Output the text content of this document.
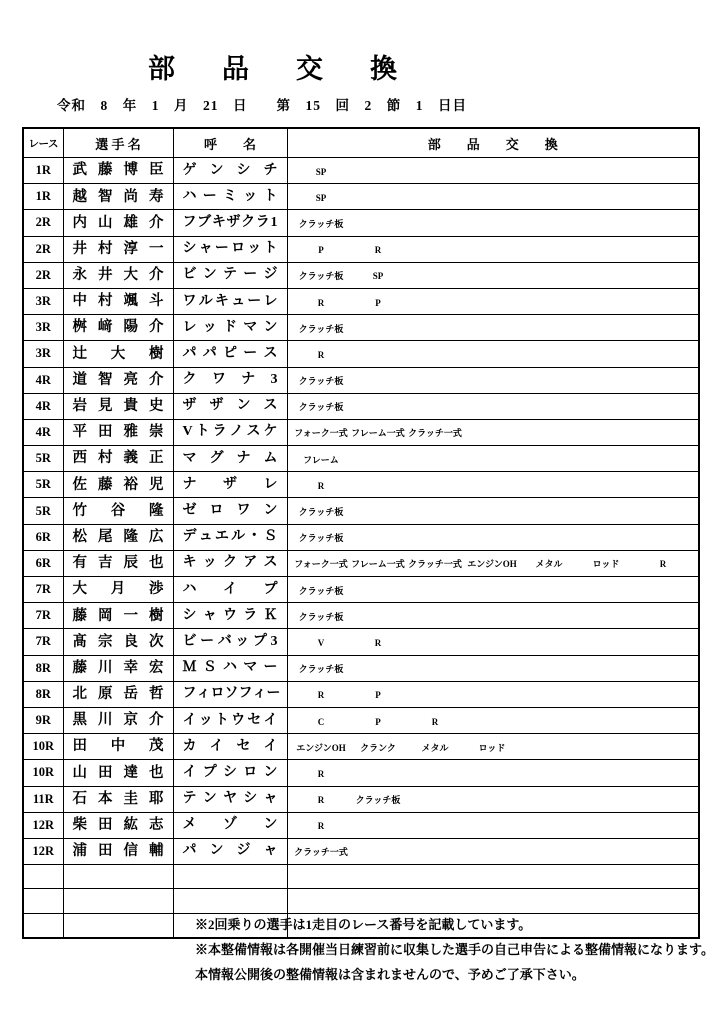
部　品　交　換
令和　8　年　1　月　21　日　　第　15　回　2　節　1　日目
レース	選 手 名	呼　　名	部　　品　　交　　換
1R	武 藤 博 臣	ゲ ン シ チ	SP
1R	越 智 尚 寿	ハ ー ミ ッ ト	SP
2R	内 山 雄 介	フ ブ キ ザ ク ラ 1	クラッチ板
2R	井 村 淳 一	シ ャ ー ロ ッ ト	P	R
2R	永 井 大 介	ビ ン テ ー ジ	クラッチ板 SP
3R	中 村 颯 斗	ワ ル キ ュ ー レ	R	P
3R	桝 﨑 陽 介	レ ッ ド マ ン	クラッチ板
3R	辻 大 樹	パ パ ピ ー ス	R
4R	道 智 亮 介	ク ワ ナ 3	クラッチ板
4R	岩 見 貴 史	ザ ザ ン ス	クラッチ板
4R	平 田 雅 崇	V ト ラ ノ ス ケ	フォーク一式 フレーム一式 クラッチ一式
5R	西 村 義 正	マ グ ナ ム	フレーム
5R	佐 藤 裕 児	ナ ザ レ	R
5R	竹 谷 隆	ゼ ロ ワ ン	クラッチ板
6R	松 尾 隆 広	デ ュ エ ル ・ Ｓ	クラッチ板
6R	有 吉 辰 也	キ ッ ク ア ス	フォーク一式 フレーム一式 クラッチ一式 エンジンOH メタル ロッド R
7R	大 月 渉	ハ イ プ	クラッチ板
7R	藤 岡 一 樹	シ ャ ウ ラ Ｋ	クラッチ板
7R	髙 宗 良 次	ビ ー バ ッ プ 3	V	R
8R	藤 川 幸 宏	Ｍ Ｓ ハ マ ー	クラッチ板
8R	北 原 岳 哲	フ ィ ロ ソ フ ィ ー	R	P
9R	黒 川 京 介	イ ッ ト ウ セ イ	C	P	R
10R	田 中 茂	カ イ セ イ	エンジンOH クランク メタル ロッド
10R	山 田 達 也	イ プ シ ロ ン	R
11R	石 本 圭 耶	テ ン ヤ シ ャ	R クラッチ板
12R	柴 田 紘 志	メ ゾ ン	R
12R	浦 田 信 輔	パ ン ジ ャ	クラッチ一式

※2回乗りの選手は1走目のレース番号を記載しています。
※本整備情報は各開催当日練習前に収集した選手の自己申告による整備情報になります。
本情報公開後の整備情報は含まれませんので、予めご了承下さい。
